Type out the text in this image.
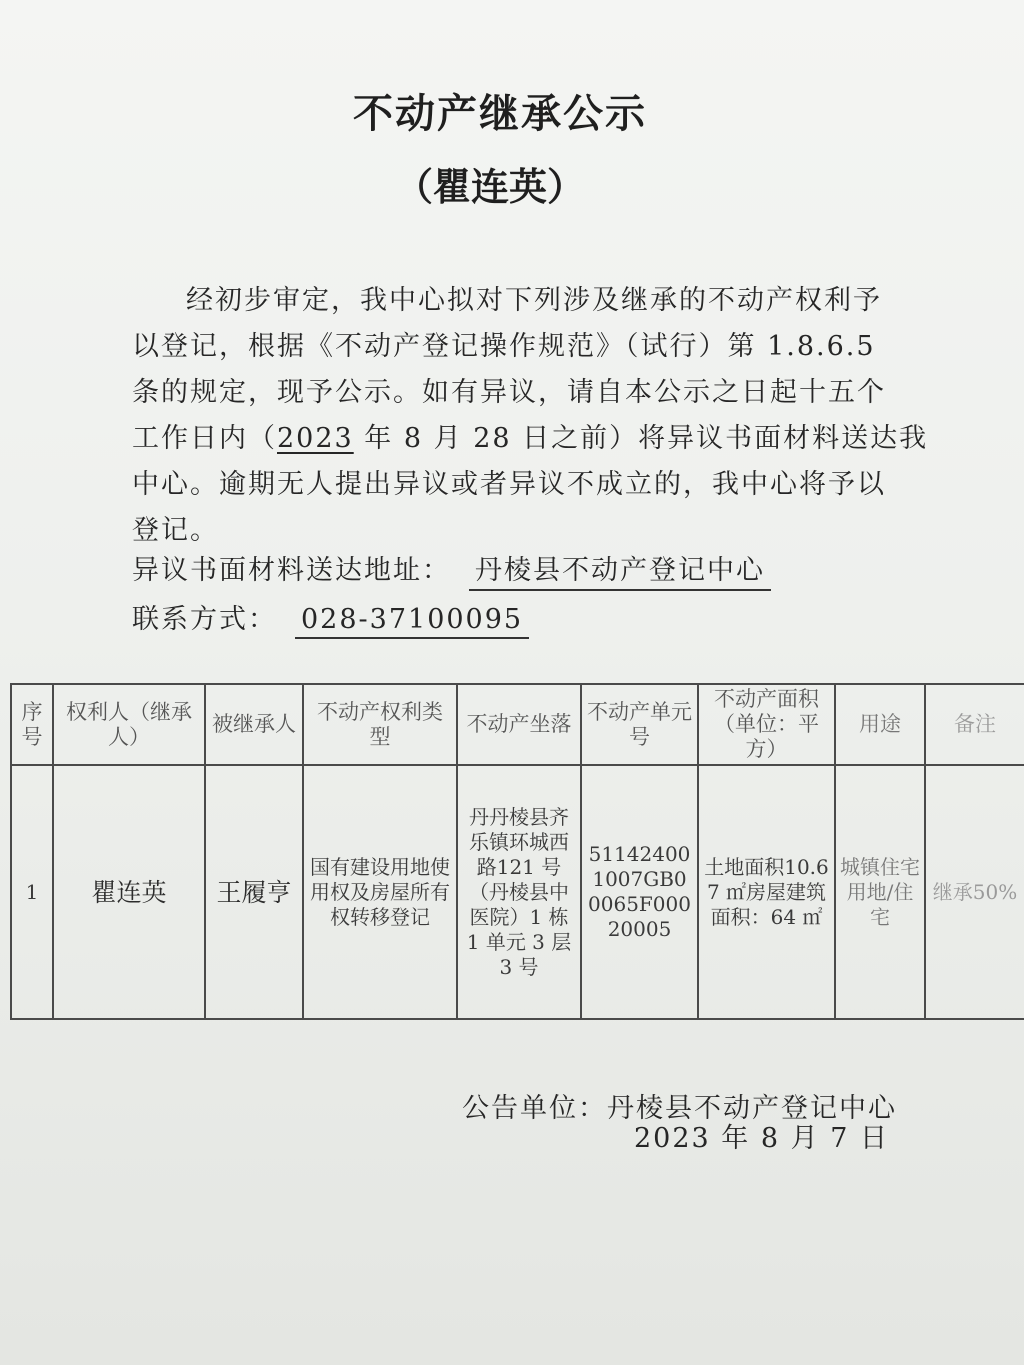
不动产继承公示
（瞿连英）
经初步审定，我中心拟对下列涉及继承的不动产权利予
以登记，根据《不动产登记操作规范》（试行）第 1.8.6.5
条的规定，现予公示。如有异议，请自本公示之日起十五个
工作日内（2023 年 8 月 28 日之前）将异议书面材料送达我
中心。逾期无人提出异议或者异议不成立的，我中心将予以
登记。
异议书面材料送达地址： 丹棱县不动产登记中心
联系方式： 028-37100095
序号	权利人（继承人）	被继承人	不动产权利类型	不动产坐落	不动产单元号	不动产面积（单位：平方）	用途	备注
1	瞿连英	王履亨	国有建设用地使用权及房屋所有权转移登记	丹丹棱县齐乐镇环城西路121 号（丹棱县中医院）1 栋 1 单元 3 层 3 号	511424001007GB00065F00020005	土地面积10.67 ㎡房屋建筑面积：64 ㎡	城镇住宅用地/住宅	继承50%
公告单位：丹棱县不动产登记中心
2023 年 8 月 7 日
